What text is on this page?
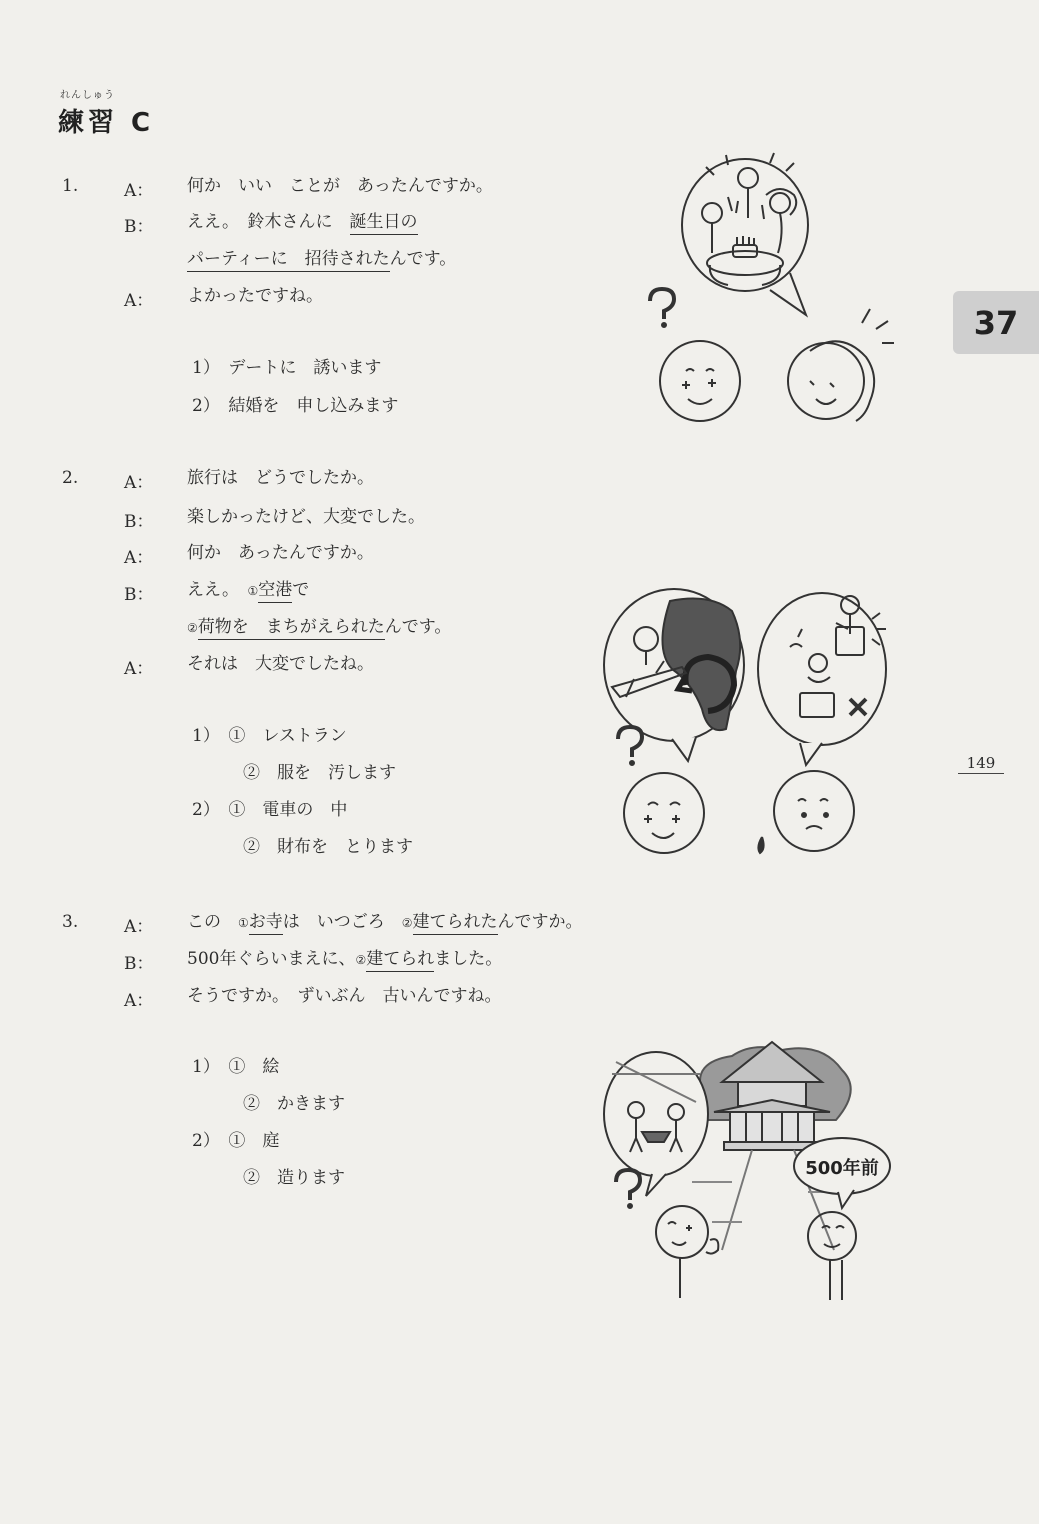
れんしゅう
練習 C
37
149
1.	A： 何か　いい　ことが　あったんですか。
B： ええ。　鈴木さんに　誕生日の
パーティーに　招待されたんです。
A： よかったですね。
1）　デートに　誘います
2）　結婚を　申し込みます
2.	A： 旅行は　どうでしたか。
B： 楽しかったけど、大変でした。
A： 何か　あったんですか。
B： ええ。　①空港で
②荷物を　まちがえられたんです。
A： それは　大変でしたね。
1）　①　レストラン
②　服を　汚します
2）　①　電車の　中
②　財布を　とります
3.	A： この　①お寺は　いつごろ　②建てられたんですか。
B： 500年ぐらいまえに、②建てられました。
A： そうですか。　ずいぶん　古いんですね。
1）　①　絵
②　かきます
2）　①　庭
②　造ります	500年前
